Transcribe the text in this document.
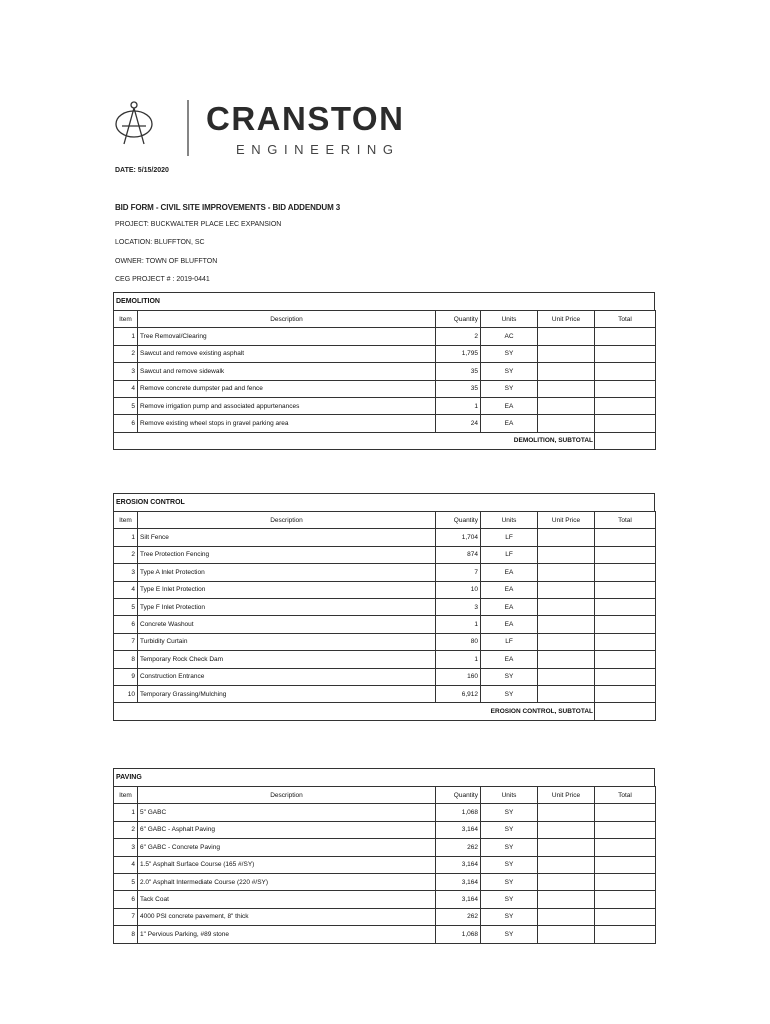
CRANSTON
ENGINEERING
DATE: 5/15/2020
BID FORM - CIVIL SITE IMPROVEMENTS - BID ADDENDUM 3
PROJECT: BUCKWALTER PLACE LEC EXPANSION
LOCATION: BLUFFTON, SC
OWNER: TOWN OF BLUFFTON
CEG PROJECT # : 2019-0441
DEMOLITION
Item	Description	Quantity	Units	Unit Price	Total
1	Tree Removal/Clearing	2	AC		
2	Sawcut and remove existing asphalt	1,795	SY		
3	Sawcut and remove sidewalk	35	SY		
4	Remove concrete dumpster pad and fence	35	SY		
5	Remove irrigation pump and associated appurtenances	1	EA		
6	Remove existing wheel stops in gravel parking area	24	EA		
DEMOLITION, SUBTOTAL					
EROSION CONTROL
Item	Description	Quantity	Units	Unit Price	Total
1	Silt Fence	1,704	LF		
2	Tree Protection Fencing	874	LF		
3	Type A Inlet Protection	7	EA		
4	Type E Inlet Protection	10	EA		
5	Type F Inlet Protection	3	EA		
6	Concrete Washout	1	EA		
7	Turbidity Curtain	80	LF		
8	Temporary Rock Check Dam	1	EA		
9	Construction Entrance	160	SY		
10	Temporary Grassing/Mulching	6,912	SY		
EROSION CONTROL, SUBTOTAL					
PAVING
Item	Description	Quantity	Units	Unit Price	Total
1	5" GABC	1,068	SY		
2	6" GABC - Asphalt Paving	3,164	SY		
3	6" GABC - Concrete Paving	262	SY		
4	1.5" Asphalt Surface Course (165 #/SY)	3,164	SY		
5	2.0" Asphalt Intermediate Course (220 #/SY)	3,164	SY		
6	Tack Coat	3,164	SY		
7	4000 PSI concrete pavement, 8" thick	262	SY		
8	1" Pervious Parking, #89 stone	1,068	SY		
